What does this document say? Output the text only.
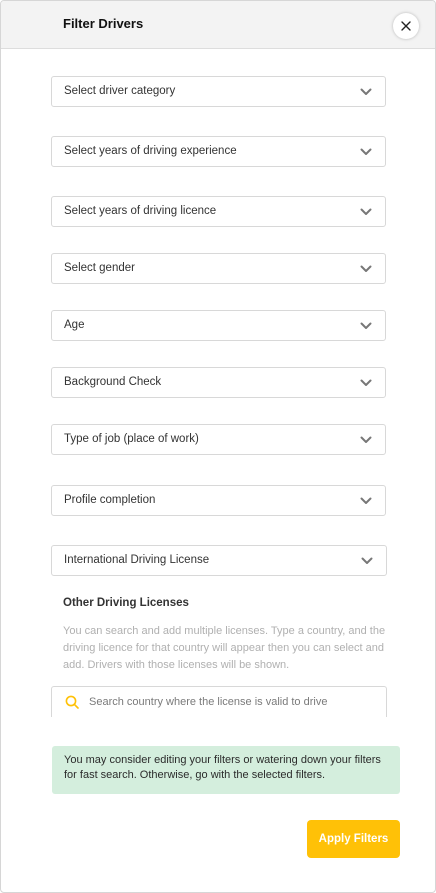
Filter Drivers
Select driver category
Select years of driving experience
Select years of driving licence
Select gender
Age
Background Check
Type of job (place of work)
Profile completion
International Driving License
Other Driving Licenses
You can search and add multiple licenses. Type a country, and the driving licence for that country will appear then you can select and add. Drivers with those licenses will be shown.
Search country where the license is valid to drive
You may consider editing your filters or watering down your filters for fast search. Otherwise, go with the selected filters.
Apply Filters
